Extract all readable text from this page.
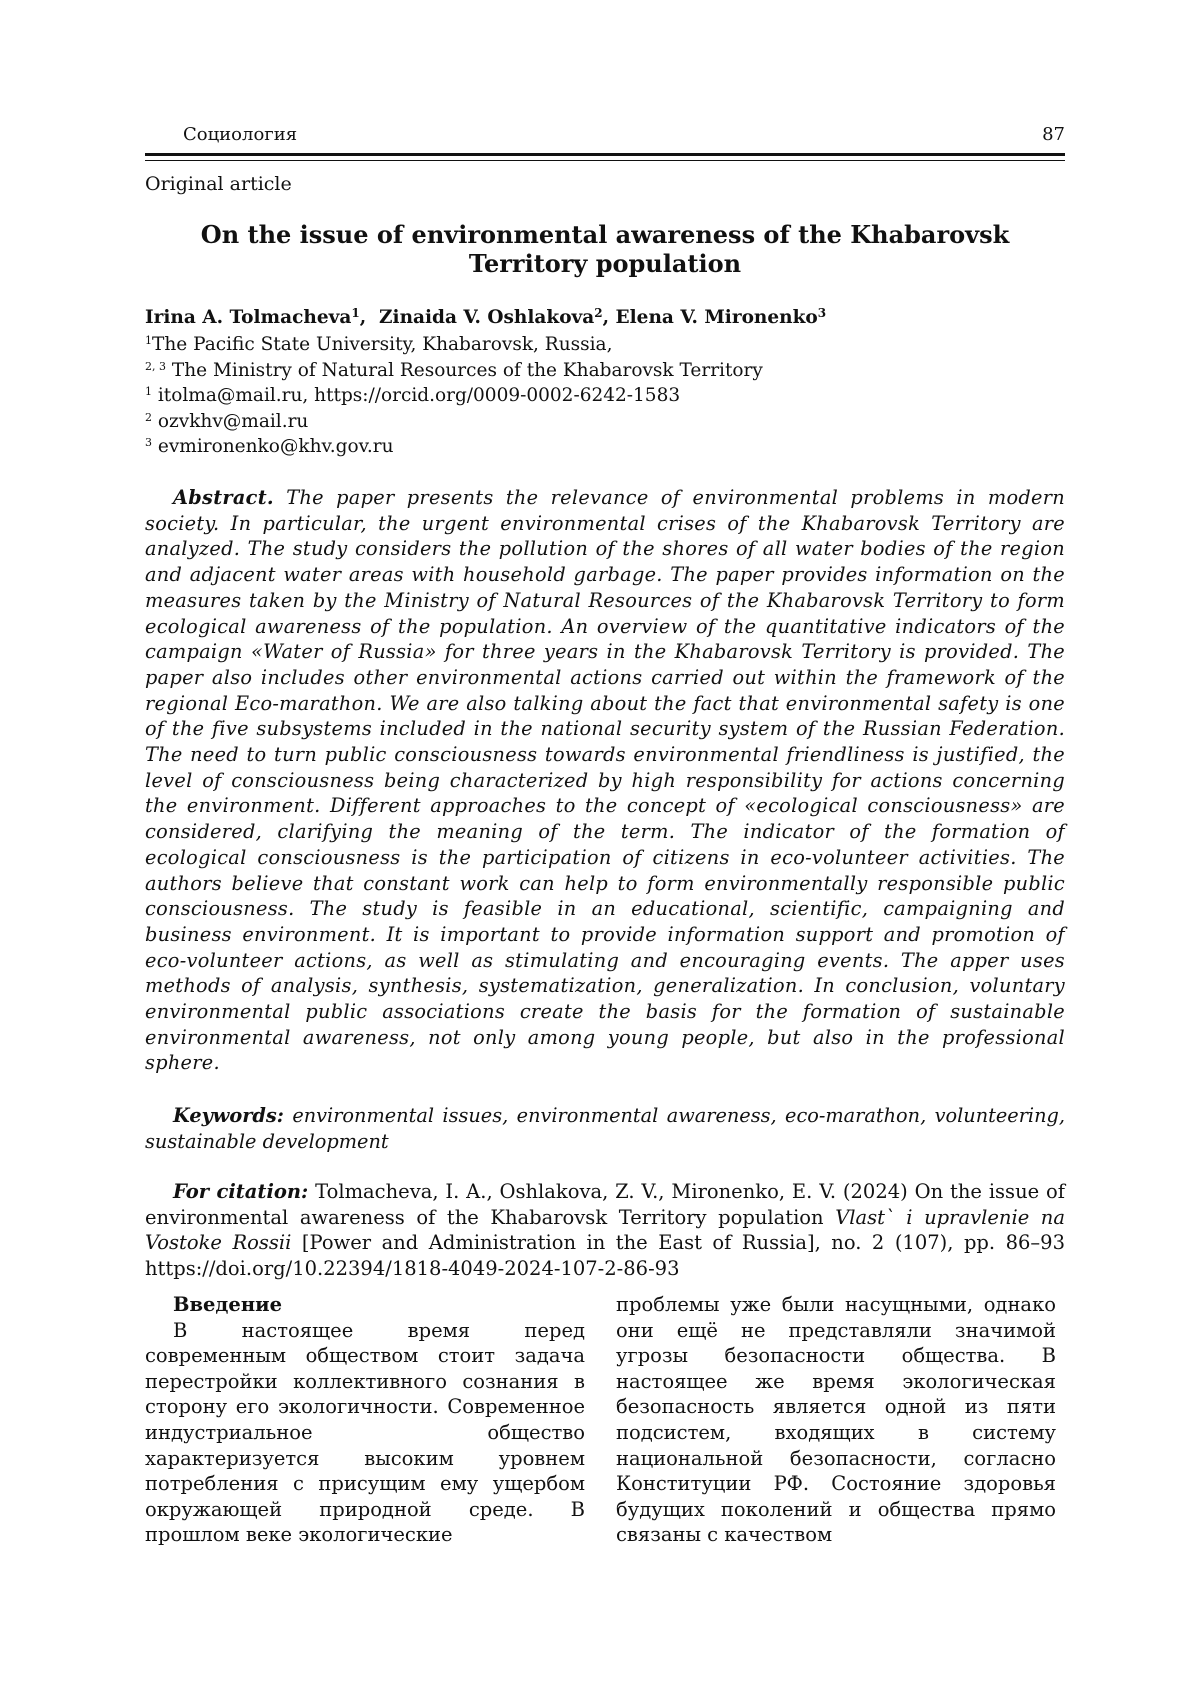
Социология	87
Original article
On the issue of environmental awareness of the Khabarovsk Territory population
Irina A. Tolmacheva$^1$,  Zinaida V. Oshlakova$^2$, Elena V. Mironenko$^3$
$^1$The Pacific State University, Khabarovsk, Russia,
$^{2, 3}$ The Ministry of Natural Resources of the Khabarovsk Territory
$^1$ itolma@mail.ru, https://orcid.org/0009-0002-6242-1583
$^2$ ozvkhv@mail.ru
$^3$ evmironenko@khv.gov.ru

Abstract. The paper presents the relevance of environmental problems in modern society. In particular, the urgent environmental crises of the Khabarovsk Territory are analyzed. The study considers the pollution of the shores of all water bodies of the region and adjacent water areas with household garbage. The paper provides information on the measures taken by the Ministry of Natural Resources of the Khabarovsk Territory to form ecological awareness of the population. An overview of the quantitative indicators of the campaign «Water of Russia» for three years in the Khabarovsk Territory is provided. The paper also includes other environmental actions carried out within the framework of the regional Eco-marathon. We are also talking about the fact that environmental safety is one of the five subsystems included in the national security system of the Russian Federation. The need to turn public consciousness towards environmental friendliness is justified, the level of consciousness being characterized by high responsibility for actions concerning the environment. Different approaches to the concept of «ecological consciousness» are considered, clarifying the meaning of the term. The indicator of the formation of ecological consciousness is the participation of citizens in eco-volunteer activities. The authors believe that constant work can help to form environmentally responsible public consciousness. The study is feasible in an educational, scientific, campaigning and business environment. It is important to provide information support and promotion of eco-volunteer actions, as well as stimulating and encouraging events. The apper uses methods of analysis, synthesis, systematization, generalization. In conclusion, voluntary environmental public associations create the basis for the formation of sustainable environmental awareness, not only among young people, but also in the professional sphere.

Keywords: environmental issues, environmental awareness, eco-marathon, volunteering, sustainable development

For citation: Tolmacheva, I. A., Oshlakova, Z. V., Mironenko, E. V. (2024) On the issue of environmental awareness of the Khabarovsk Territory population Vlast` i upravlenie na Vostoke Rossii [Power and Administration in the East of Russia], no. 2 (107), pp. 86–93 https://doi.org/10.22394/1818-4049-2024-107-2-86-93

Введение

В настоящее время перед современным обществом стоит задача перестройки коллективного сознания в сторону его экологичности. Современное индустриальное общество характеризуется высоким уровнем потребления с присущим ему ущербом окружающей природной среде. В прошлом веке экологические

проблемы уже были насущными, однако они ещё не представляли значимой угрозы безопасности общества. В настоящее же время экологическая безопасность является одной из пяти подсистем, входящих в систему национальной безопасности, согласно Конституции РФ. Состояние здоровья будущих поколений и общества прямо связаны с качеством
